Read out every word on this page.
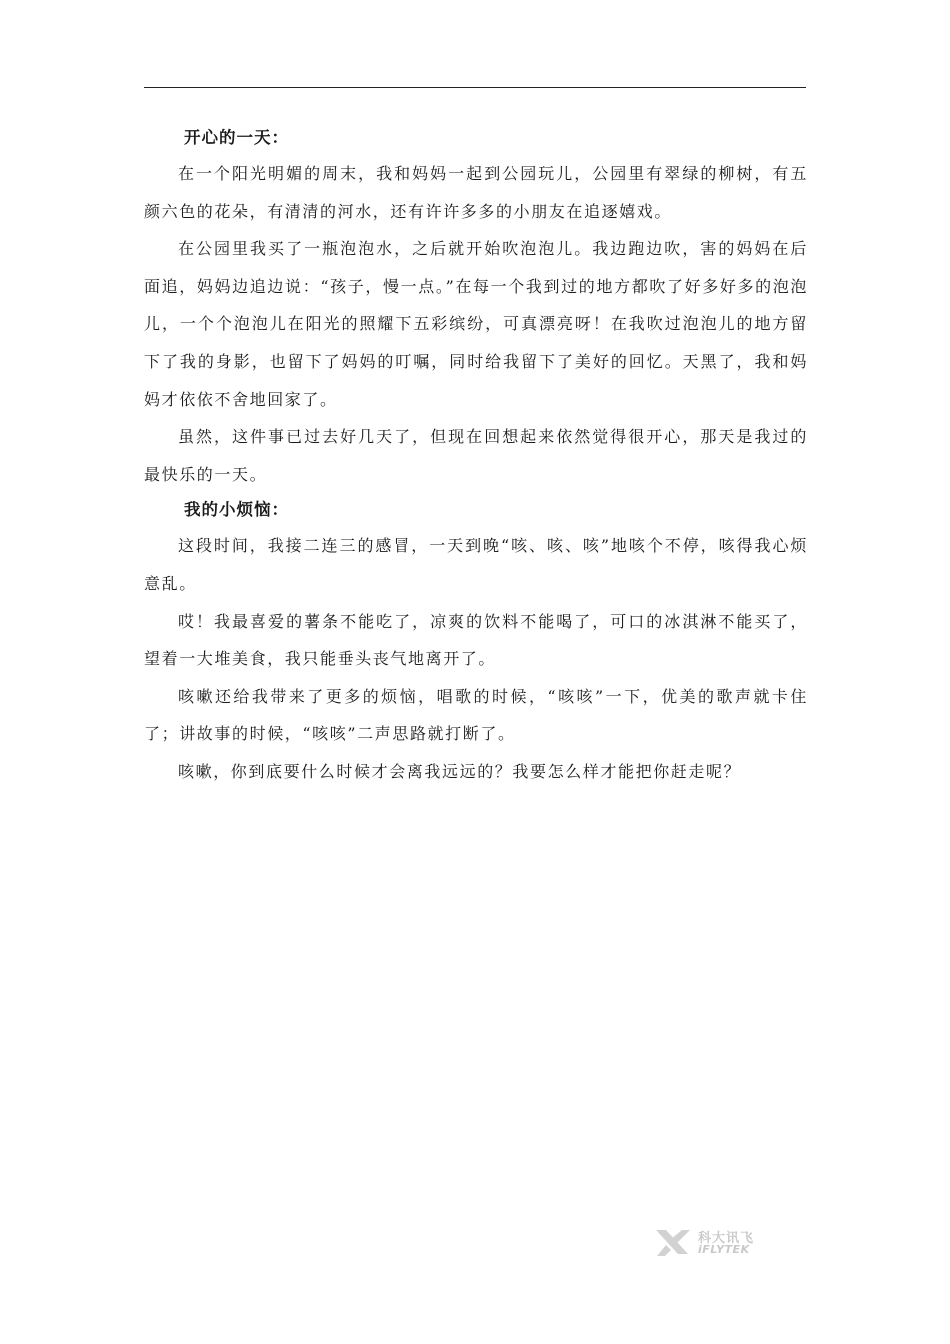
开心的一天：

在一个阳光明媚的周末，我和妈妈一起到公园玩儿，公园里有翠绿的柳树，有五颜六色的花朵，有清清的河水，还有许许多多的小朋友在追逐嬉戏。

在公园里我买了一瓶泡泡水，之后就开始吹泡泡儿。我边跑边吹，害的妈妈在后面追，妈妈边追边说：“孩子，慢一点。”在每一个我到过的地方都吹了好多好多的泡泡儿，一个个泡泡儿在阳光的照耀下五彩缤纷，可真漂亮呀！在我吹过泡泡儿的地方留下了我的身影，也留下了妈妈的叮嘱，同时给我留下了美好的回忆。天黑了，我和妈妈才依依不舍地回家了。

虽然，这件事已过去好几天了，但现在回想起来依然觉得很开心，那天是我过的最快乐的一天。

我的小烦恼：

这段时间，我接二连三的感冒，一天到晚“咳、咳、咳”地咳个不停，咳得我心烦意乱。

哎！我最喜爱的薯条不能吃了，凉爽的饮料不能喝了，可口的冰淇淋不能买了，望着一大堆美食，我只能垂头丧气地离开了。

咳嗽还给我带来了更多的烦恼，唱歌的时候，“咳咳”一下，优美的歌声就卡住了；讲故事的时候，“咳咳”二声思路就打断了。

咳嗽，你到底要什么时候才会离我远远的？我要怎么样才能把你赶走呢？

科大讯飞
iFLYTEK
